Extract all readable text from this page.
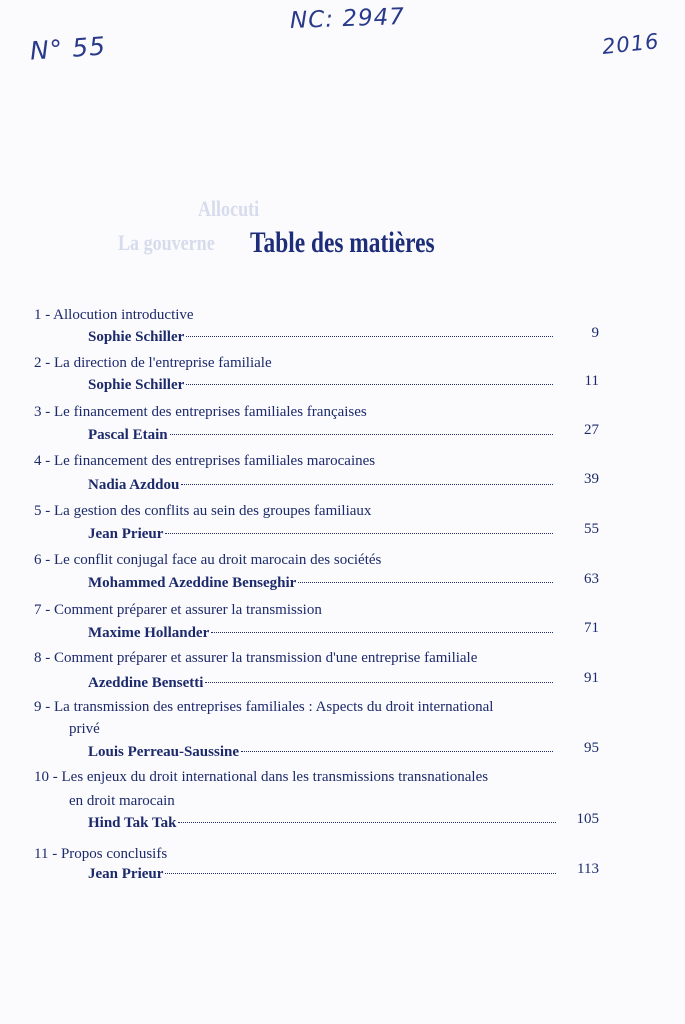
N° 55
NC: 2947
2016
Allocuti
La gouverne	Table des matières
1 - Allocution introductive
Sophie Schiller	9
2 - La direction de l'entreprise familiale
Sophie Schiller	11
3 - Le financement des entreprises familiales françaises
Pascal Etain	27
4 - Le financement des entreprises familiales marocaines
Nadia Azddou	39
5 - La gestion des conflits au sein des groupes familiaux
Jean Prieur	55
6 - Le conflit conjugal face au droit marocain des sociétés
Mohammed Azeddine Benseghir	63
7 - Comment préparer et assurer la transmission
Maxime Hollander	71
8 - Comment préparer et assurer la transmission d'une entreprise familiale
Azeddine Bensetti	91
9 - La transmission des entreprises familiales : Aspects du droit international
privé
Louis Perreau-Saussine	95
10 - Les enjeux du droit international dans les transmissions transnationales
en droit marocain
Hind Tak Tak	105
11 - Propos conclusifs
Jean Prieur	113
